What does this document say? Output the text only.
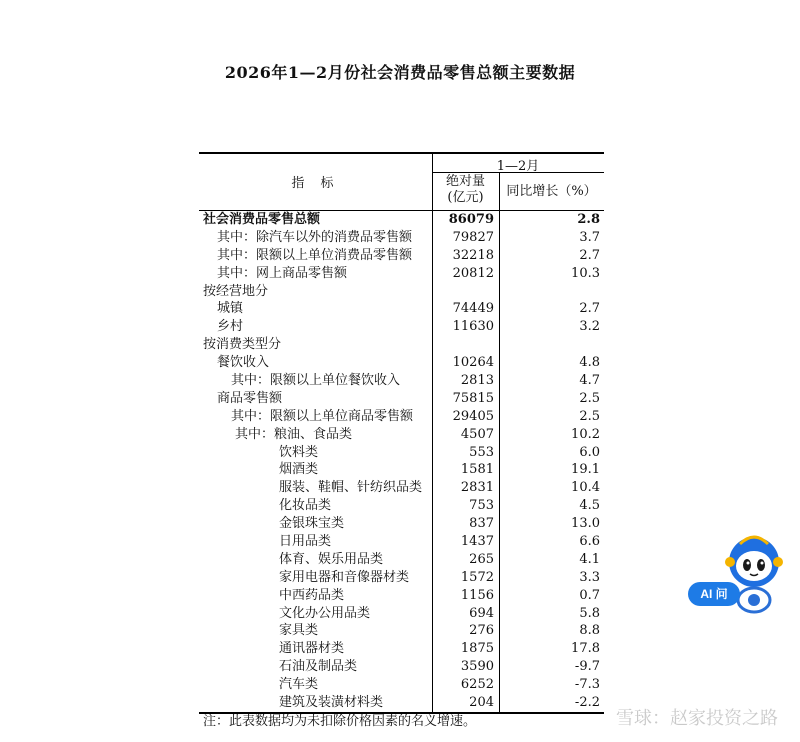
2026年1—2月份社会消费品零售总额主要数据
指 标
1—2月
绝对量
(亿元)	同比增长（%）
社会消费品零售总额	86079	2.8
其中：除汽车以外的消费品零售额	79827	3.7
其中：限额以上单位消费品零售额	32218	2.7
其中：网上商品零售额	20812	10.3
按经营地分
城镇	74449	2.7
乡村	11630	3.2
按消费类型分
餐饮收入	10264	4.8
其中：限额以上单位餐饮收入	2813	4.7
商品零售额	75815	2.5
其中：限额以上单位商品零售额	29405	2.5
其中：粮油、食品类	4507	10.2
饮料类	553	6.0
烟酒类	1581	19.1
服装、鞋帽、针纺织品类	2831	10.4
化妆品类	753	4.5
金银珠宝类	837	13.0
日用品类	1437	6.6
体育、娱乐用品类	265	4.1
家用电器和音像器材类	1572	3.3
中西药品类	1156	0.7
文化办公用品类	694	5.8
家具类	276	8.8
通讯器材类	1875	17.8
石油及制品类	3590	-9.7
汽车类	6252	-7.3
建筑及装潢材料类	204	-2.2
注：此表数据均为未扣除价格因素的名义增速。	雪球：赵家投资之路
AI 问
